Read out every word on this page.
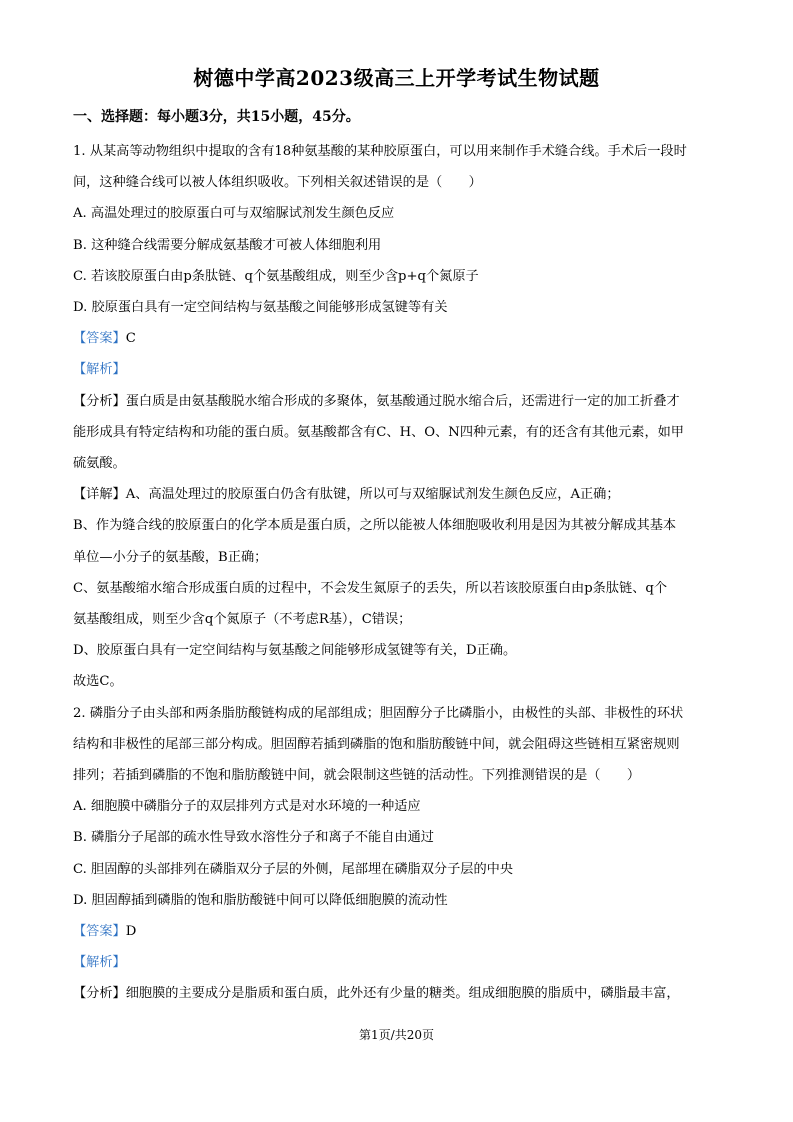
树德中学高2023级高三上开学考试生物试题
一、选择题：每小题3分，共15小题，45分。

1. 从某高等动物组织中提取的含有18种氨基酸的某种胶原蛋白，可以用来制作手术缝合线。手术后一段时

间，这种缝合线可以被人体组织吸收。下列相关叙述错误的是（　　）

A. 高温处理过的胶原蛋白可与双缩脲试剂发生颜色反应

B. 这种缝合线需要分解成氨基酸才可被人体细胞利用

C. 若该胶原蛋白由p条肽链、q个氨基酸组成，则至少含p+q个氮原子

D. 胶原蛋白具有一定空间结构与氨基酸之间能够形成氢键等有关

【答案】C

【解析】

【分析】蛋白质是由氨基酸脱水缩合形成的多聚体，氨基酸通过脱水缩合后，还需进行一定的加工折叠才

能形成具有特定结构和功能的蛋白质。氨基酸都含有C、H、O、N四种元素，有的还含有其他元素，如甲

硫氨酸。

【详解】A、高温处理过的胶原蛋白仍含有肽键，所以可与双缩脲试剂发生颜色反应，A正确；

B、作为缝合线的胶原蛋白的化学本质是蛋白质，之所以能被人体细胞吸收利用是因为其被分解成其基本

单位—小分子的氨基酸，B正确；

C、氨基酸缩水缩合形成蛋白质的过程中，不会发生氮原子的丢失，所以若该胶原蛋白由p条肽链、q个

氨基酸组成，则至少含q个氮原子（不考虑R基），C错误；

D、胶原蛋白具有一定空间结构与氨基酸之间能够形成氢键等有关，D正确。

故选C。

2. 磷脂分子由头部和两条脂肪酸链构成的尾部组成；胆固醇分子比磷脂小，由极性的头部、非极性的环状

结构和非极性的尾部三部分构成。胆固醇若插到磷脂的饱和脂肪酸链中间，就会阻碍这些链相互紧密规则

排列；若插到磷脂的不饱和脂肪酸链中间，就会限制这些链的活动性。下列推测错误的是（　　）

A. 细胞膜中磷脂分子的双层排列方式是对水环境的一种适应

B. 磷脂分子尾部的疏水性导致水溶性分子和离子不能自由通过

C. 胆固醇的头部排列在磷脂双分子层的外侧，尾部埋在磷脂双分子层的中央

D. 胆固醇插到磷脂的饱和脂肪酸链中间可以降低细胞膜的流动性

【答案】D

【解析】

【分析】细胞膜的主要成分是脂质和蛋白质，此外还有少量的糖类。组成细胞膜的脂质中，磷脂最丰富，

第1页/共20页
